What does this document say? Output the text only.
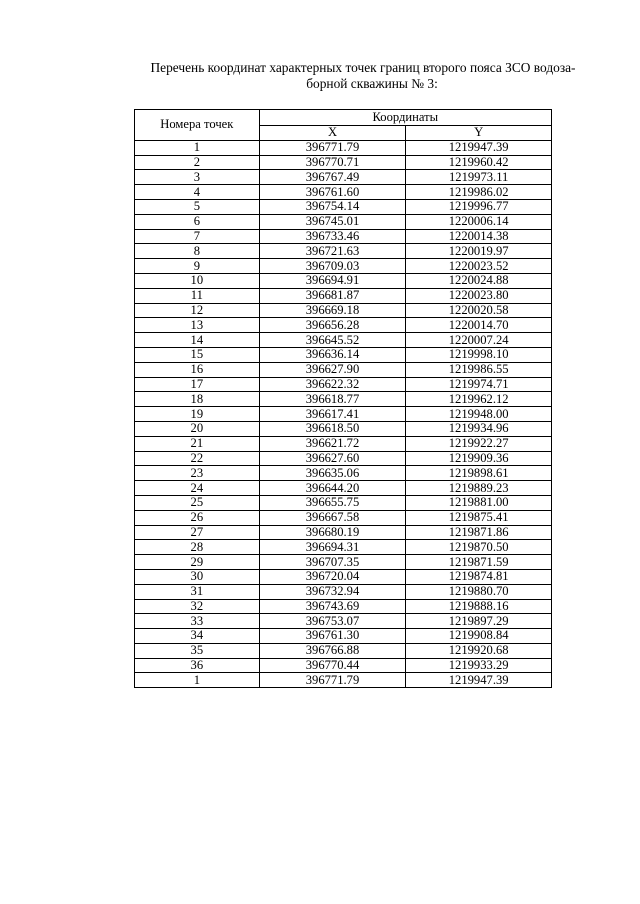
Перечень координат характерных точек границ второго пояса ЗСО водоза-
борной скважины № 3:

Номера точек	Координаты	
	X	Y
1	396771.79	1219947.39
2	396770.71	1219960.42
3	396767.49	1219973.11
4	396761.60	1219986.02
5	396754.14	1219996.77
6	396745.01	1220006.14
7	396733.46	1220014.38
8	396721.63	1220019.97
9	396709.03	1220023.52
10	396694.91	1220024.88
11	396681.87	1220023.80
12	396669.18	1220020.58
13	396656.28	1220014.70
14	396645.52	1220007.24
15	396636.14	1219998.10
16	396627.90	1219986.55
17	396622.32	1219974.71
18	396618.77	1219962.12
19	396617.41	1219948.00
20	396618.50	1219934.96
21	396621.72	1219922.27
22	396627.60	1219909.36
23	396635.06	1219898.61
24	396644.20	1219889.23
25	396655.75	1219881.00
26	396667.58	1219875.41
27	396680.19	1219871.86
28	396694.31	1219870.50
29	396707.35	1219871.59
30	396720.04	1219874.81
31	396732.94	1219880.70
32	396743.69	1219888.16
33	396753.07	1219897.29
34	396761.30	1219908.84
35	396766.88	1219920.68
36	396770.44	1219933.29
1	396771.79	1219947.39
